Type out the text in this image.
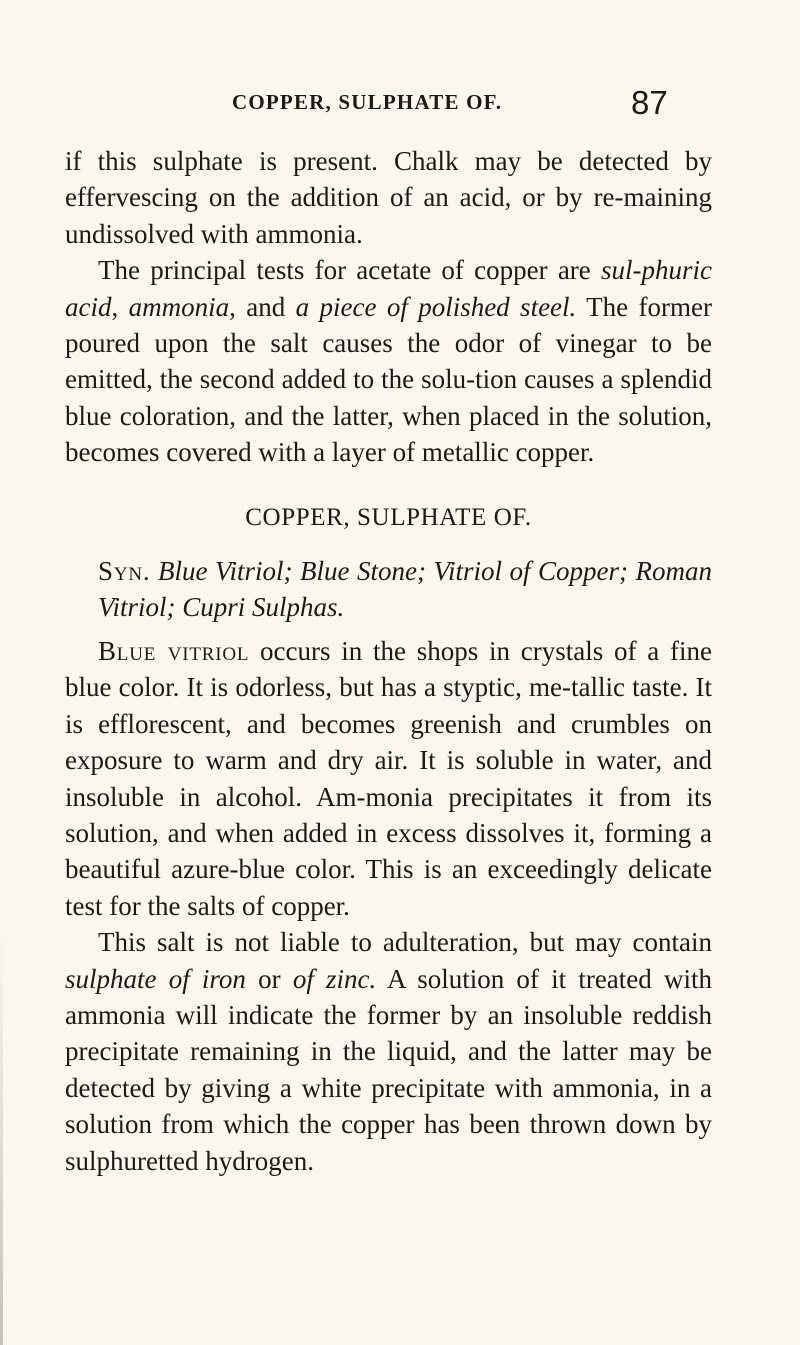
COPPER, SULPHATE OF.	87

if this sulphate is present. Chalk may be detected by effervescing on the addition of an acid, or by re-maining undissolved with ammonia.

The principal tests for acetate of copper are sul-phuric acid, ammonia, and a piece of polished steel. The former poured upon the salt causes the odor of vinegar to be emitted, the second added to the solu-tion causes a splendid blue coloration, and the latter, when placed in the solution, becomes covered with a layer of metallic copper.

COPPER, SULPHATE OF.

Syn. Blue Vitriol; Blue Stone; Vitriol of Copper; Roman Vitriol; Cupri Sulphas.

Blue vitriol occurs in the shops in crystals of a fine blue color. It is odorless, but has a styptic, me-tallic taste. It is efflorescent, and becomes greenish and crumbles on exposure to warm and dry air. It is soluble in water, and insoluble in alcohol. Am-monia precipitates it from its solution, and when added in excess dissolves it, forming a beautiful azure-blue color. This is an exceedingly delicate test for the salts of copper.

This salt is not liable to adulteration, but may contain sulphate of iron or of zinc. A solution of it treated with ammonia will indicate the former by an insoluble reddish precipitate remaining in the liquid, and the latter may be detected by giving a white precipitate with ammonia, in a solution from which the copper has been thrown down by sulphuretted hydrogen.
